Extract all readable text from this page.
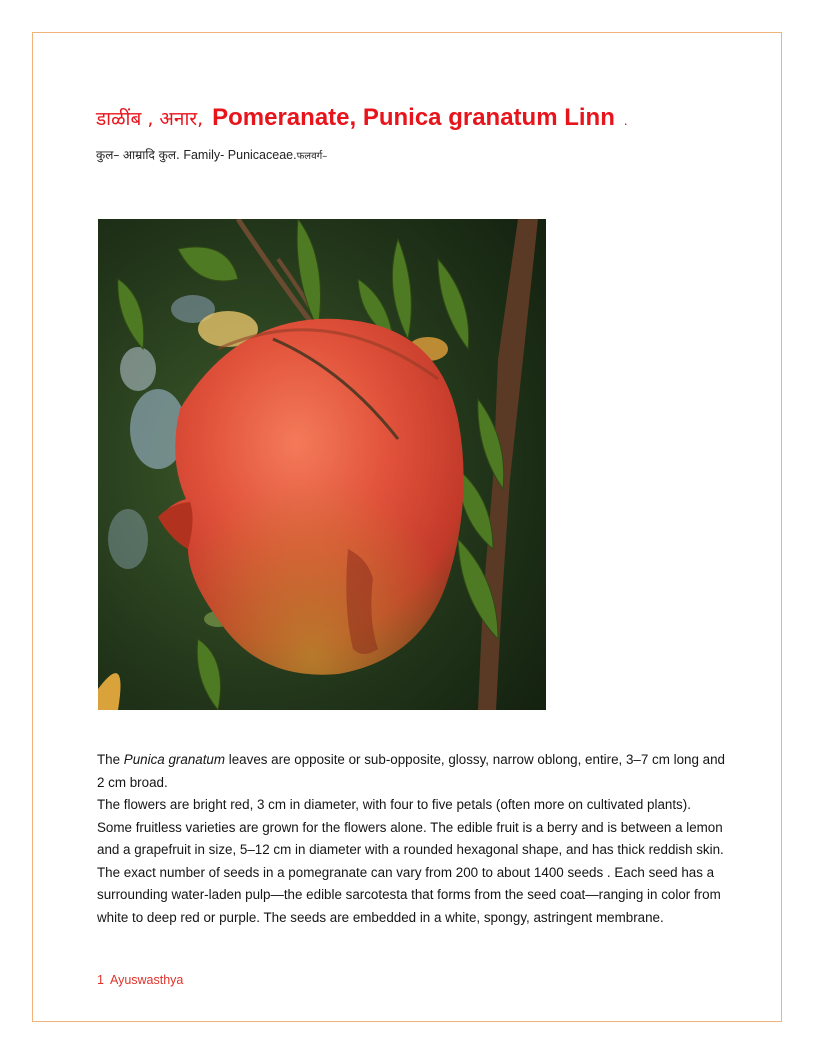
डाळींब , अनार, Pomeranate, Punica granatum Linn .

कुल– आम्रादि कुल. Family- Punicaceae.फलवर्ग–

The Punica granatum leaves are opposite or sub-opposite, glossy, narrow oblong, entire, 3–7 cm long and 2 cm broad.

The flowers are bright red, 3 cm in diameter, with four to five petals (often more on cultivated plants). Some fruitless varieties are grown for the flowers alone. The edible fruit is a berry and is between a lemon and a grapefruit in size, 5–12 cm in diameter with a rounded hexagonal shape, and has thick reddish skin. The exact number of seeds in a pomegranate can vary from 200 to about 1400 seeds . Each seed has a surrounding water-laden pulp—the edible sarcotesta that forms from the seed coat—ranging in color from white to deep red or purple. The seeds are embedded in a white, spongy, astringent membrane.

1 Ayuswasthya
